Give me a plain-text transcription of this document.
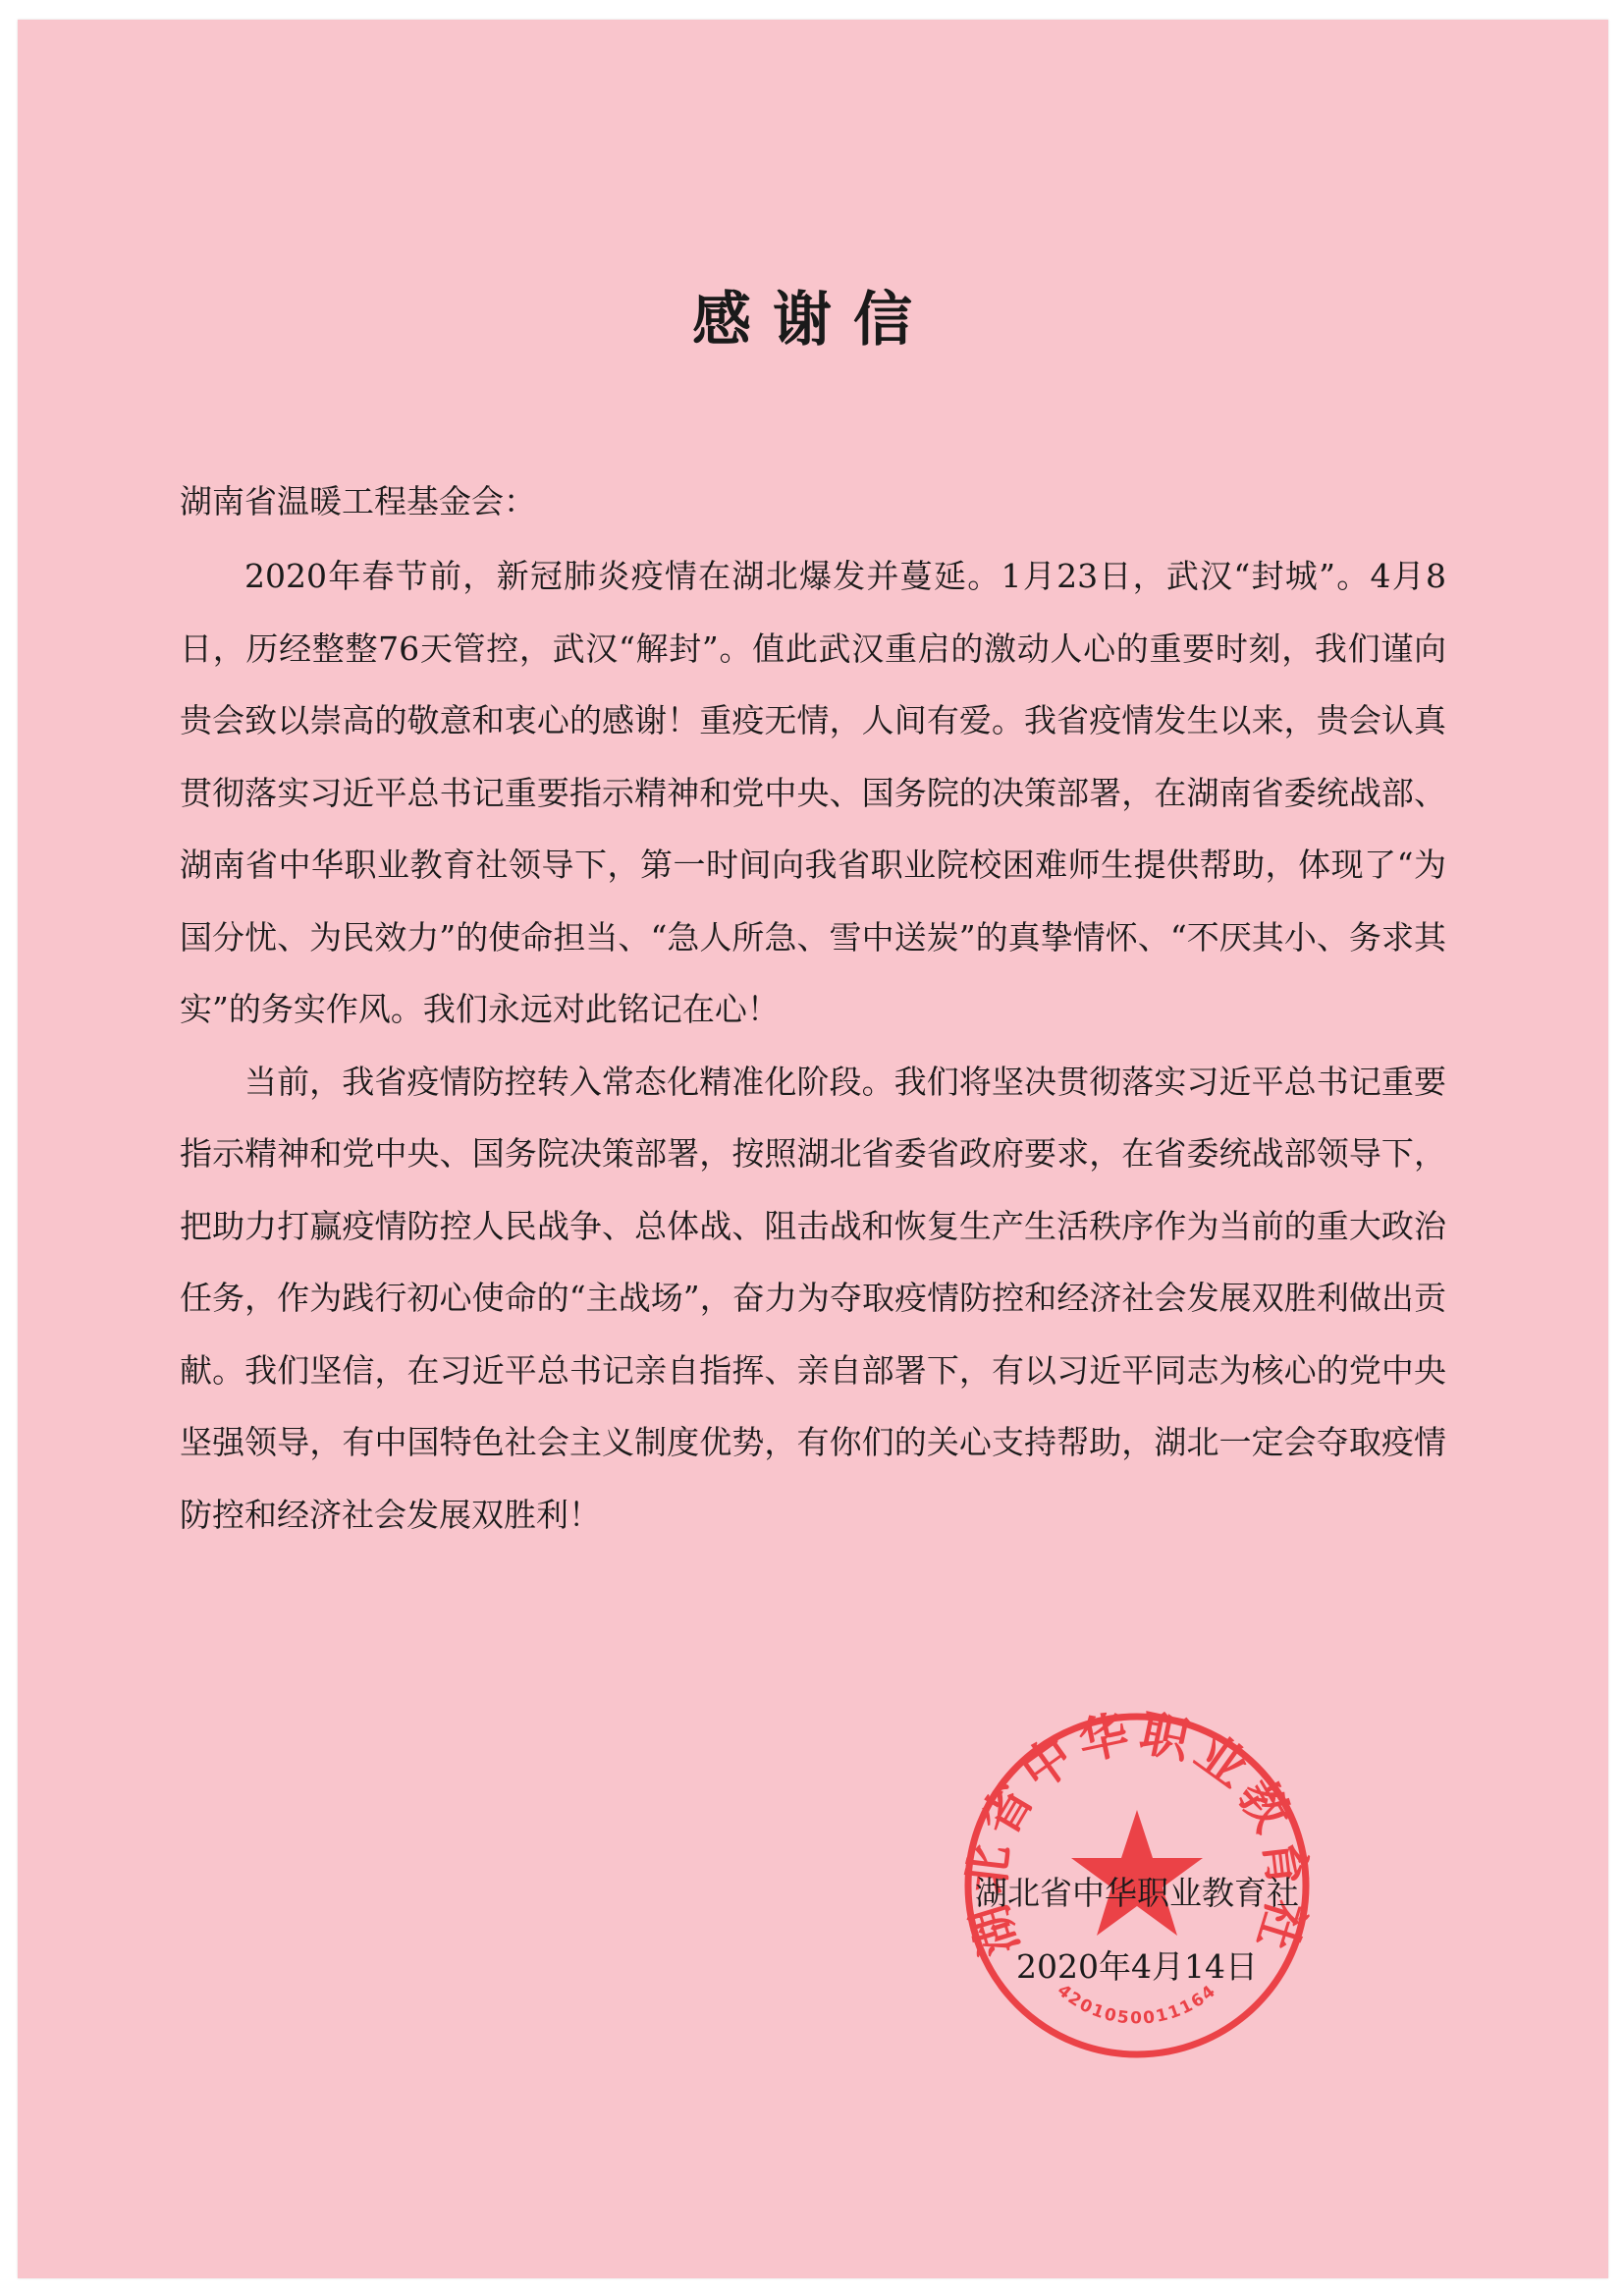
感谢信
湖南省温暖工程基金会：

2020年春节前，新冠肺炎疫情在湖北爆发并蔓延。1月23日，武汉“封城”。4月8日，历经整整76天管控，武汉“解封”。值此武汉重启的激动人心的重要时刻，我们谨向贵会致以崇高的敬意和衷心的感谢！重疫无情，人间有爱。我省疫情发生以来，贵会认真贯彻落实习近平总书记重要指示精神和党中央、国务院的决策部署，在湖南省委统战部、湖南省中华职业教育社领导下，第一时间向我省职业院校困难师生提供帮助，体现了“为国分忧、为民效力”的使命担当、“急人所急、雪中送炭”的真挚情怀、“不厌其小、务求其实”的务实作风。我们永远对此铭记在心！

当前，我省疫情防控转入常态化精准化阶段。我们将坚决贯彻落实习近平总书记重要指示精神和党中央、国务院决策部署，按照湖北省委省政府要求，在省委统战部领导下，把助力打赢疫情防控人民战争、总体战、阻击战和恢复生产生活秩序作为当前的重大政治任务，作为践行初心使命的“主战场”，奋力为夺取疫情防控和经济社会发展双胜利做出贡献。我们坚信，在习近平总书记亲自指挥、亲自部署下，有以习近平同志为核心的党中央坚强领导，有中国特色社会主义制度优势，有你们的关心支持帮助，湖北一定会夺取疫情防控和经济社会发展双胜利！

湖北省中华职业教育社
4201050011164
湖北省中华职业教育社
2020年4月14日
